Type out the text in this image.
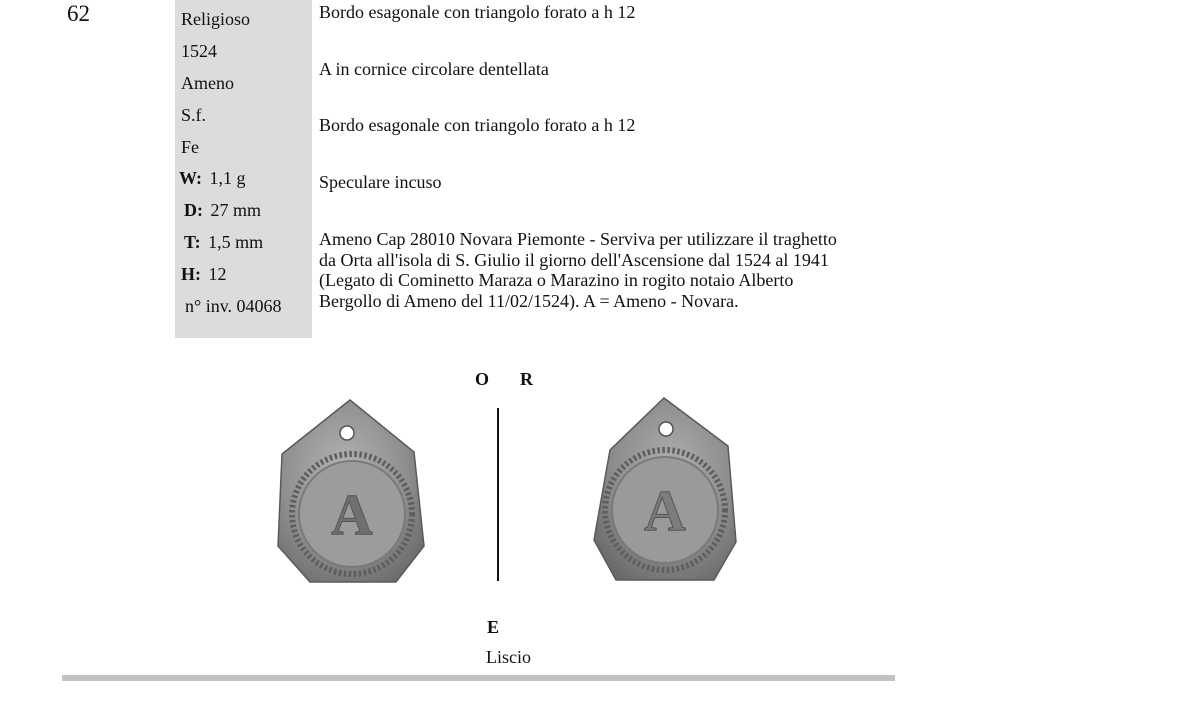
62	Religioso
1524
Ameno
S.f.
Fe
W: 1,1 g
D: 27 mm
T: 1,5 mm
H: 12
n° inv. 04068
Bordo esagonale con triangolo forato a h 12
A in cornice circolare dentellata
Bordo esagonale con triangolo forato a h 12
Speculare incuso
Ameno Cap 28010 Novara Piemonte - Serviva per utilizzare il traghetto da Orta all'isola di S. Giulio il giorno dell'Ascensione dal 1524 al 1941 (Legato di Cominetto Maraza o Marazino in rogito notaio Alberto Bergollo di Ameno del 11/02/1524). A = Ameno - Novara.
O R
A	A
E
Liscio
